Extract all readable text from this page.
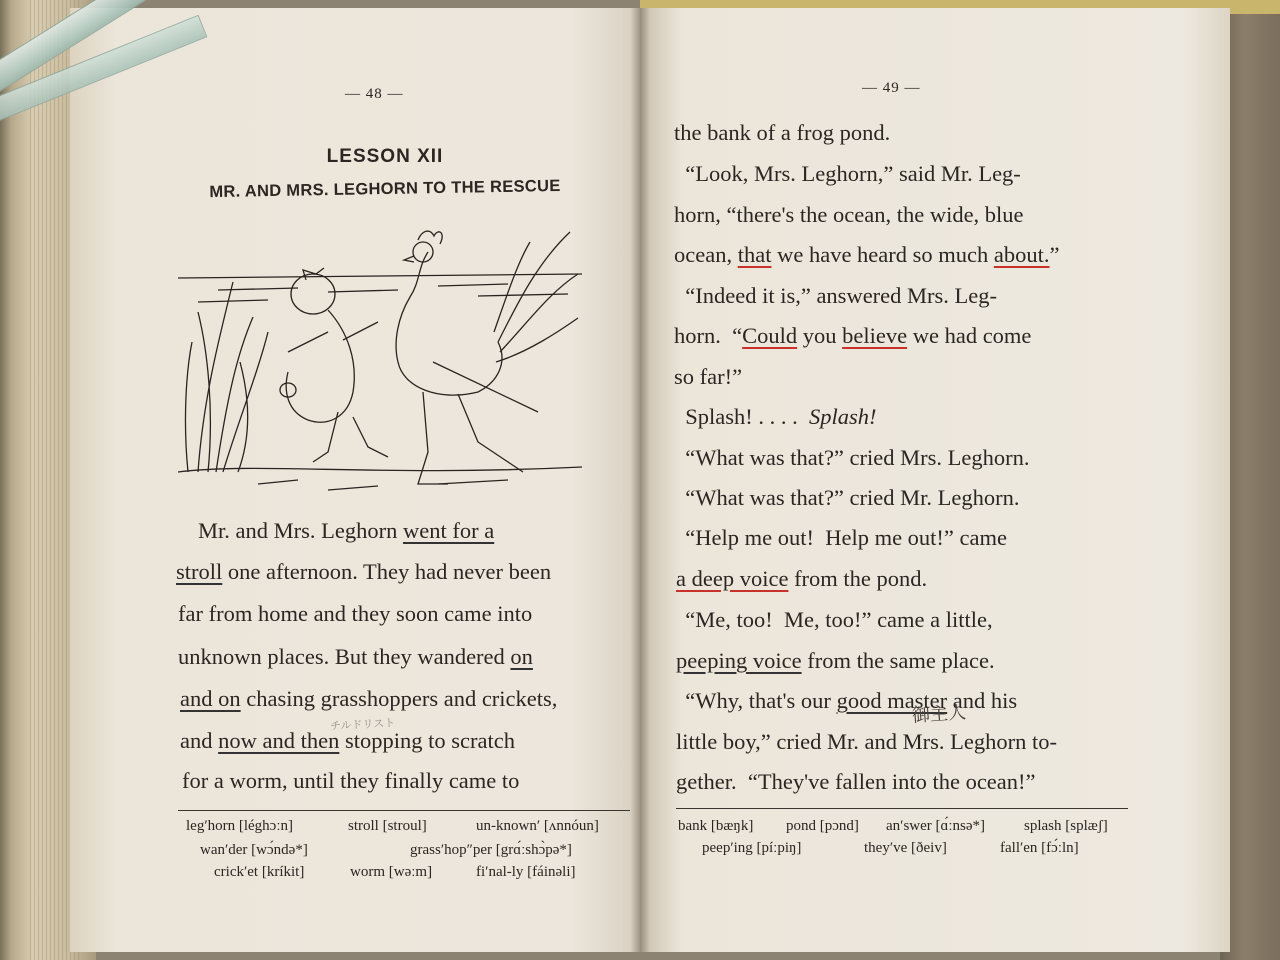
— 48 —
LESSON XII
MR. AND MRS. LEGHORN TO THE RESCUE
Mr. and Mrs. Leghorn went for a
stroll one afternoon. They had never been
far from home and they soon came into
unknown places. But they wandered on
and on chasing grasshoppers and crickets,
and now and then stopping to scratch
for a worm, until they finally came to
チルドリスト
leg′horn [léghɔːn]	stroll [stroul]	un-known′ [ʌnnóun]
wan′der [wɔ́ndə*]	grass′hop″per [grɑ́ːshɔ̀pə*]
crick′et [kríkit]	worm [wəːm]	fi′nal-ly [fáinəli]
— 49 —
the bank of a frog pond.
“Look, Mrs. Leghorn,” said Mr. Leg-
horn, “there's the ocean, the wide, blue
ocean, that we have heard so much about.”
“Indeed it is,” answered Mrs. Leg-
horn.  “Could you believe we had come
so far!”
Splash! . . . .  Splash!
“What was that?” cried Mrs. Leghorn.
“What was that?” cried Mr. Leghorn.
“Help me out!  Help me out!” came
a deep voice from the pond.
“Me, too!  Me, too!” came a little,
peeping voice from the same place.
“Why, that's our good master and his
御主人
little boy,” cried Mr. and Mrs. Leghorn to-
gether.  “They've fallen into the ocean!”
bank [bæŋk] pond [pɔnd] an′swer [ɑ́ːnsə*]	splash [splæʃ]
peep′ing [píːpiŋ]	they′ve [ðeiv]	fall′en [fɔ́ːln]
